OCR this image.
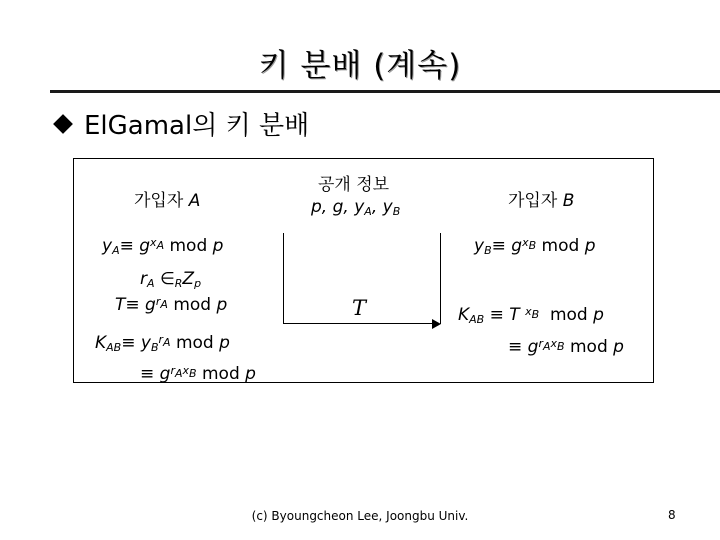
키 분배 (계속)
ElGamal의 키 분배
가입자 A
공개 정보
p, g, $y_A$, $y_B$
가입자 B
$y_A\equiv g^{x_A}$ mod p	$y_B\equiv g^{x_B}$ mod p
$r_A$ $\in_RZ_p$
$T\equiv g^{r_A}$ mod p	T	$K_{AB} \equiv T$ $^{x_B}$ mod p
$K_{AB}\equiv y_B^{r_A}$ mod p	≡ $g^{r_Ax_B}$ mod p
≡ $g^{r_Ax_B}$ mod p
(c) Byoungcheon Lee, Joongbu Univ.	8
